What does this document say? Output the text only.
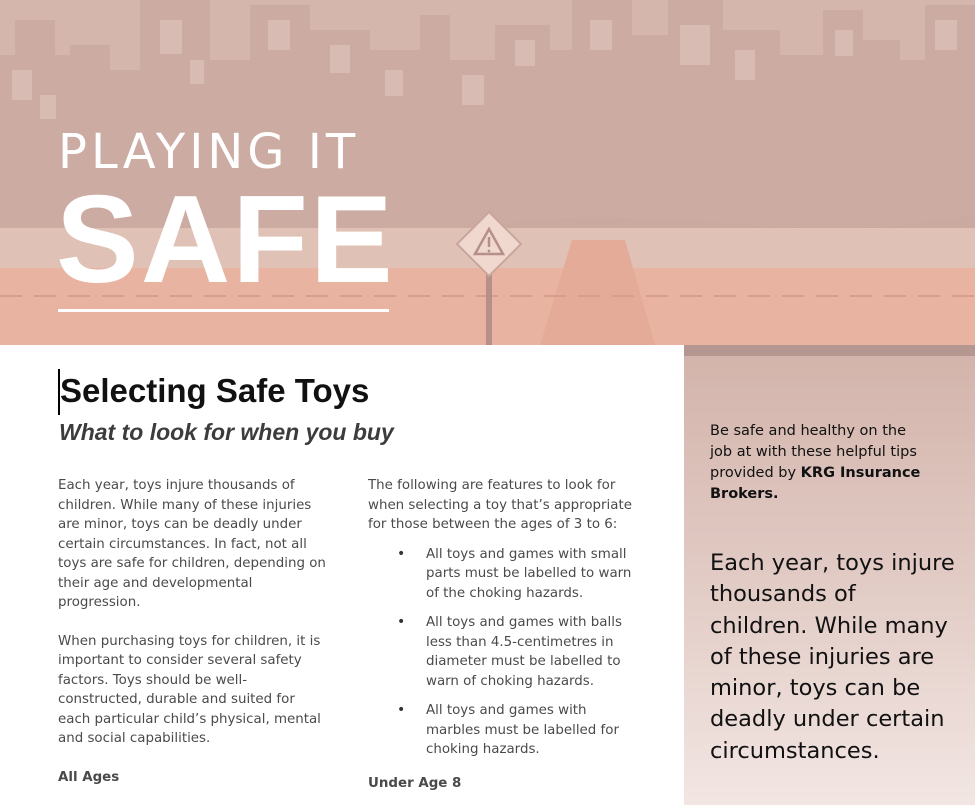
PLAYING IT
SAFE
Selecting Safe Toys
What to look for when you buy

Each year, toys injure thousands of children. While many of these injuries are minor, toys can be deadly under certain circumstances. In fact, not all toys are safe for children, depending on their age and developmental progression.

When purchasing toys for children, it is important to consider several safety factors. Toys should be well-constructed, durable and suited for each particular child’s physical, mental and social capabilities.

All Ages

The following are features to look for when selecting a toy that’s appropriate for those between the ages of 3 to 6:

• All toys and games with small parts must be labelled to warn of the choking hazards.
• All toys and games with balls less than 4.5-centimetres in diameter must be labelled to warn of choking hazards.
• All toys and games with marbles must be labelled for choking hazards.
Under Age 8

Be safe and healthy on the job at with these helpful tips provided by KRG Insurance Brokers.

Each year, toys injure thousands of children. While many of these injuries are minor, toys can be deadly under certain circumstances.
